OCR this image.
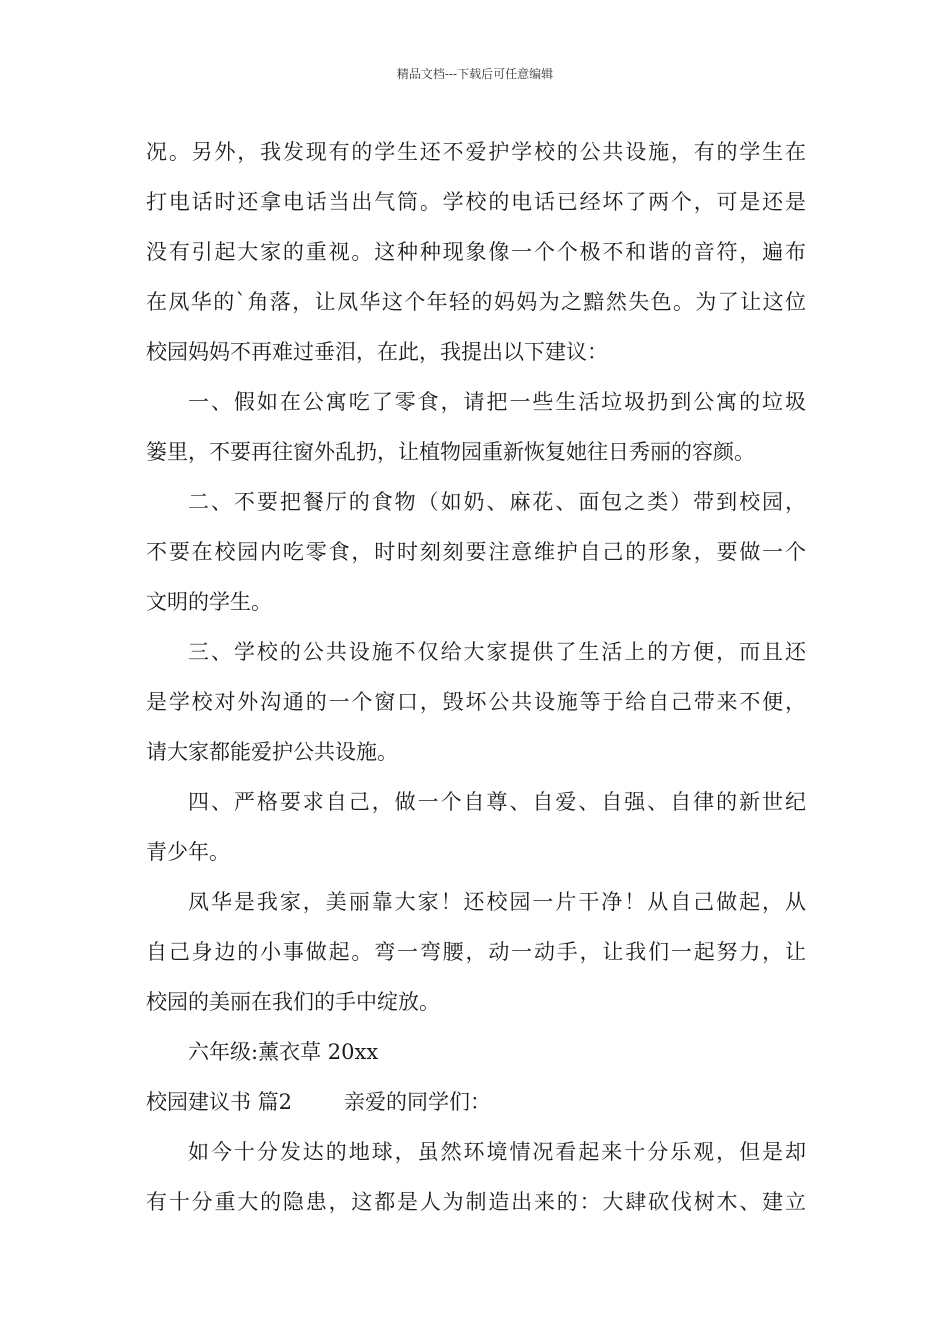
精品文档---下载后可任意编辑
况。另外，我发现有的学生还不爱护学校的公共设施，有的学生在
打电话时还拿电话当出气筒。学校的电话已经坏了两个，可是还是
没有引起大家的重视。这种种现象像一个个极不和谐的音符，遍布
在凤华的`角落，让凤华这个年轻的妈妈为之黯然失色。为了让这位
校园妈妈不再难过垂泪，在此，我提出以下建议：
一、假如在公寓吃了零食，请把一些生活垃圾扔到公寓的垃圾
篓里，不要再往窗外乱扔，让植物园重新恢复她往日秀丽的容颜。
二、不要把餐厅的食物（如奶、麻花、面包之类）带到校园，
不要在校园内吃零食，时时刻刻要注意维护自己的形象，要做一个
文明的学生。
三、学校的公共设施不仅给大家提供了生活上的方便，而且还
是学校对外沟通的一个窗口，毁坏公共设施等于给自己带来不便，
请大家都能爱护公共设施。
四、严格要求自己，做一个自尊、自爱、自强、自律的新世纪
青少年。
凤华是我家，美丽靠大家！还校园一片干净！从自己做起，从
自己身边的小事做起。弯一弯腰，动一动手，让我们一起努力，让
校园的美丽在我们的手中绽放。
六年级:薰衣草 20xx
校园建议书 篇2 亲爱的同学们：
如今十分发达的地球，虽然环境情况看起来十分乐观，但是却
有十分重大的隐患，这都是人为制造出来的：大肆砍伐树木、建立
